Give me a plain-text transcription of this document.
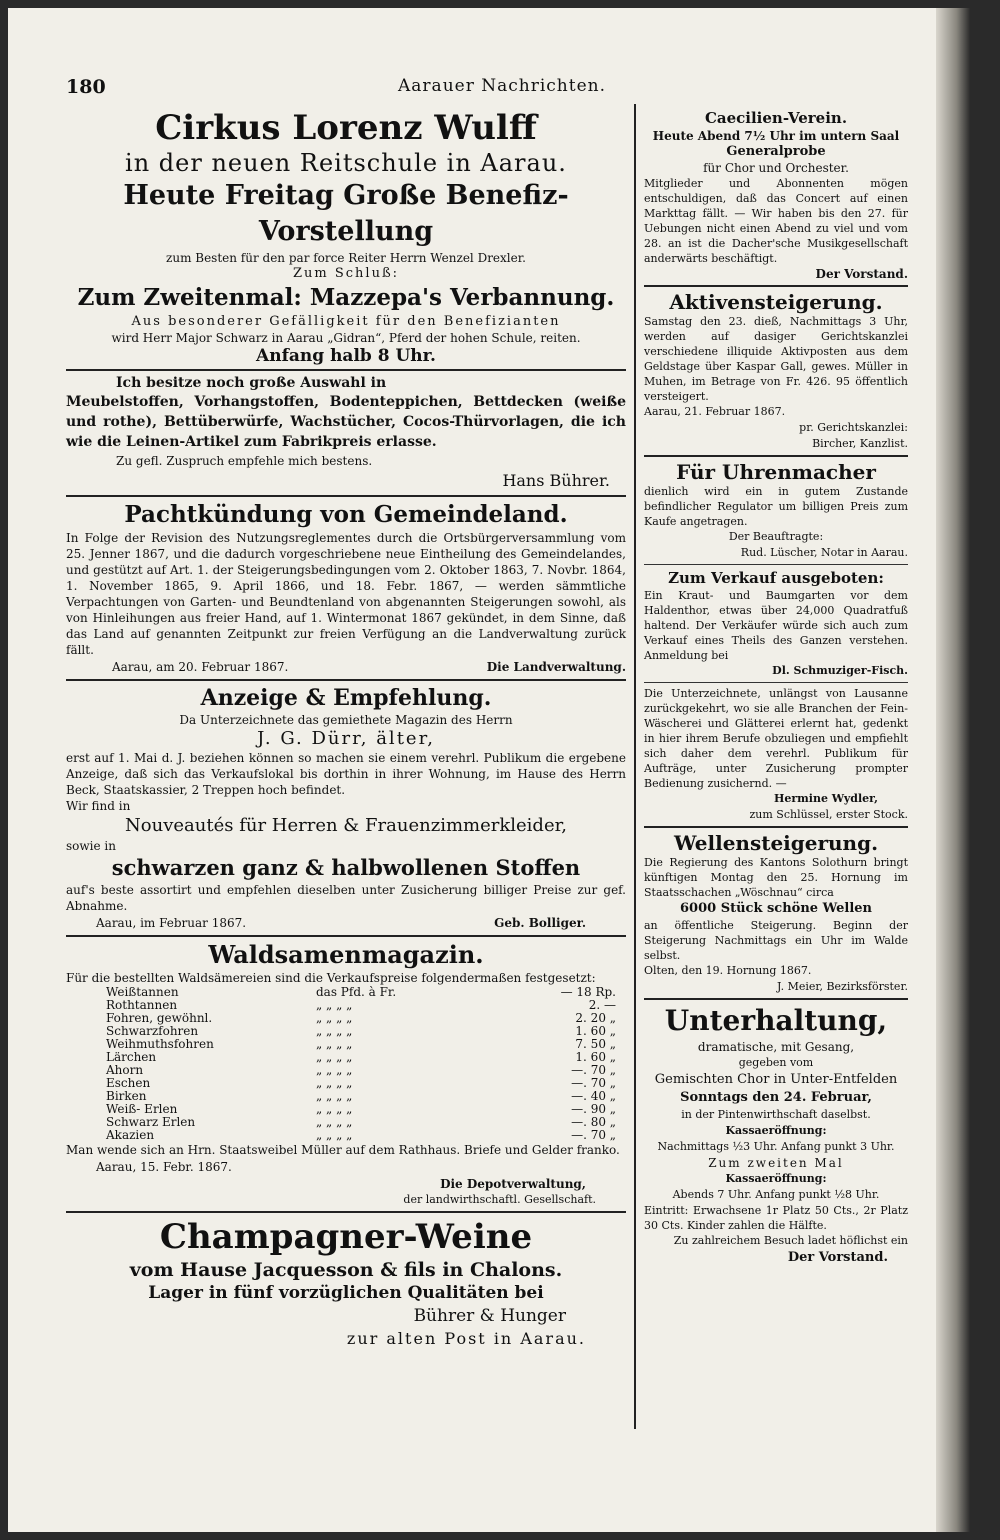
180	Aarauer Nachrichten.
Cirkus Lorenz Wulff
in der neuen Reitschule in Aarau.
Heute Freitag Große Benefiz-Vorstellung
zum Besten für den par force Reiter Herrn Wenzel Drexler.
Zum Schluß:
Zum Zweitenmal: Mazzepa's Verbannung.
Aus besonderer Gefälligkeit für den Benefizianten
wird Herr Major Schwarz in Aarau „Gidran“, Pferd der hohen Schule, reiten.
Anfang halb 8 Uhr.
Ich besitze noch große Auswahl in
Meubelstoffen, Vorhangstoffen, Bodenteppichen, Bettdecken (weiße und rothe), Bettüberwürfe, Wachstücher, Cocos-Thürvorlagen, die ich wie die Leinen-Artikel zum Fabrikpreis erlasse.
Zu gefl. Zuspruch empfehle mich bestens.
Hans Bührer.
Pachtkündung von Gemeindeland.
In Folge der Revision des Nutzungsreglementes durch die Ortsbürgerversammlung vom 25. Jenner 1867, und die dadurch vorgeschriebene neue Eintheilung des Gemeindelandes, und gestützt auf Art. 1. der Steigerungsbedingungen vom 2. Oktober 1863, 7. Novbr. 1864, 1. November 1865, 9. April 1866, und 18. Febr. 1867, — werden sämmtliche Verpachtungen von Garten- und Beundtenland von abgenannten Steigerungen sowohl, als von Hinleihungen aus freier Hand, auf 1. Wintermonat 1867 gekündet, in dem Sinne, daß das Land auf genannten Zeitpunkt zur freien Verfügung an die Landverwaltung zurück fällt.
Aarau, am 20. Februar 1867.	Die Landverwaltung.
Anzeige & Empfehlung.
Da Unterzeichnete das gemiethete Magazin des Herrn
J. G. Dürr, älter,
erst auf 1. Mai d. J. beziehen können so machen sie einem verehrl. Publikum die ergebene Anzeige, daß sich das Verkaufslokal bis dorthin in ihrer Wohnung, im Hause des Herrn Beck, Staatskassier, 2 Treppen hoch befindet.
Wir find in
Nouveautés für Herren & Frauenzimmerkleider,
sowie in
schwarzen ganz & halbwollenen Stoffen
auf's beste assortirt und empfehlen dieselben unter Zusicherung billiger Preise zur gef. Abnahme.
Aarau, im Februar 1867.	Geb. Bolliger.
Waldsamenmagazin.
Für die bestellten Waldsämereien sind die Verkaufspreise folgendermaßen festgesetzt:
Weißtannen	das Pfd. à Fr.	— 18 Rp.
Rothtannen	„ „ „ „	2. —
Fohren, gewöhnl.	„ „ „ „	2. 20 „
Schwarzfohren	„ „ „ „	1. 60 „
Weihmuthsfohren	„ „ „ „	7. 50 „
Lärchen	„ „ „ „	1. 60 „
Ahorn	„ „ „ „	—. 70 „
Eschen	„ „ „ „	—. 70 „
Birken	„ „ „ „	—. 40 „
Weiß- Erlen	„ „ „ „	—. 90 „
Schwarz Erlen	„ „ „ „	—. 80 „
Akazien	„ „ „ „	—. 70 „
Man wende sich an Hrn. Staatsweibel Müller auf dem Rathhaus. Briefe und Gelder franko.
Aarau, 15. Febr. 1867.
Die Depotverwaltung,
der landwirthschaftl. Gesellschaft.
Champagner-Weine
vom Hause Jacquesson & fils in Chalons.
Lager in fünf vorzüglichen Qualitäten bei
Bührer & Hunger
zur alten Post in Aarau.
Caecilien-Verein.
Heute Abend 7½ Uhr im untern Saal
Generalprobe
für Chor und Orchester.
Mitglieder und Abonnenten mögen entschuldigen, daß das Concert auf einen Markttag fällt. — Wir haben bis den 27. für Uebungen nicht einen Abend zu viel und vom 28. an ist die Dacher'sche Musikgesellschaft anderwärts beschäftigt.
Der Vorstand.
Aktivensteigerung.
Samstag den 23. dieß, Nachmittags 3 Uhr, werden auf dasiger Gerichtskanzlei verschiedene illiquide Aktivposten aus dem Geldstage über Kaspar Gall, gewes. Müller in Muhen, im Betrage von Fr. 426. 95 öffentlich versteigert.
Aarau, 21. Februar 1867.
pr. Gerichtskanzlei:
Bircher, Kanzlist.
Für Uhrenmacher
dienlich wird ein in gutem Zustande befindlicher Regulator um billigen Preis zum Kaufe angetragen.
Der Beauftragte:
Rud. Lüscher, Notar in Aarau.
Zum Verkauf ausgeboten:
Ein Kraut- und Baumgarten vor dem Haldenthor, etwas über 24,000 Quadratfuß haltend. Der Verkäufer würde sich auch zum Verkauf eines Theils des Ganzen verstehen. Anmeldung bei
Dl. Schmuziger-Fisch.
Die Unterzeichnete, unlängst von Lausanne zurückgekehrt, wo sie alle Branchen der Fein-Wäscherei und Glätterei erlernt hat, gedenkt in hier ihrem Berufe obzuliegen und empfiehlt sich daher dem verehrl. Publikum für Aufträge, unter Zusicherung prompter Bedienung zusichernd. —
Hermine Wydler,
zum Schlüssel, erster Stock.
Wellensteigerung.
Die Regierung des Kantons Solothurn bringt künftigen Montag den 25. Hornung im Staatsschachen „Wöschnau“ circa
6000 Stück schöne Wellen
an öffentliche Steigerung. Beginn der Steigerung Nachmittags ein Uhr im Walde selbst.
Olten, den 19. Hornung 1867.
J. Meier, Bezirksförster.
Unterhaltung,
dramatische, mit Gesang,
gegeben vom
Gemischten Chor in Unter-Entfelden
Sonntags den 24. Februar,
in der Pintenwirthschaft daselbst.
Kassaeröffnung:
Nachmittags ½3 Uhr. Anfang punkt 3 Uhr.
Zum zweiten Mal
Kassaeröffnung:
Abends 7 Uhr. Anfang punkt ½8 Uhr.
Eintritt: Erwachsene 1r Platz 50 Cts., 2r Platz 30 Cts. Kinder zahlen die Hälfte.
Zu zahlreichem Besuch ladet höflichst ein
Der Vorstand.
